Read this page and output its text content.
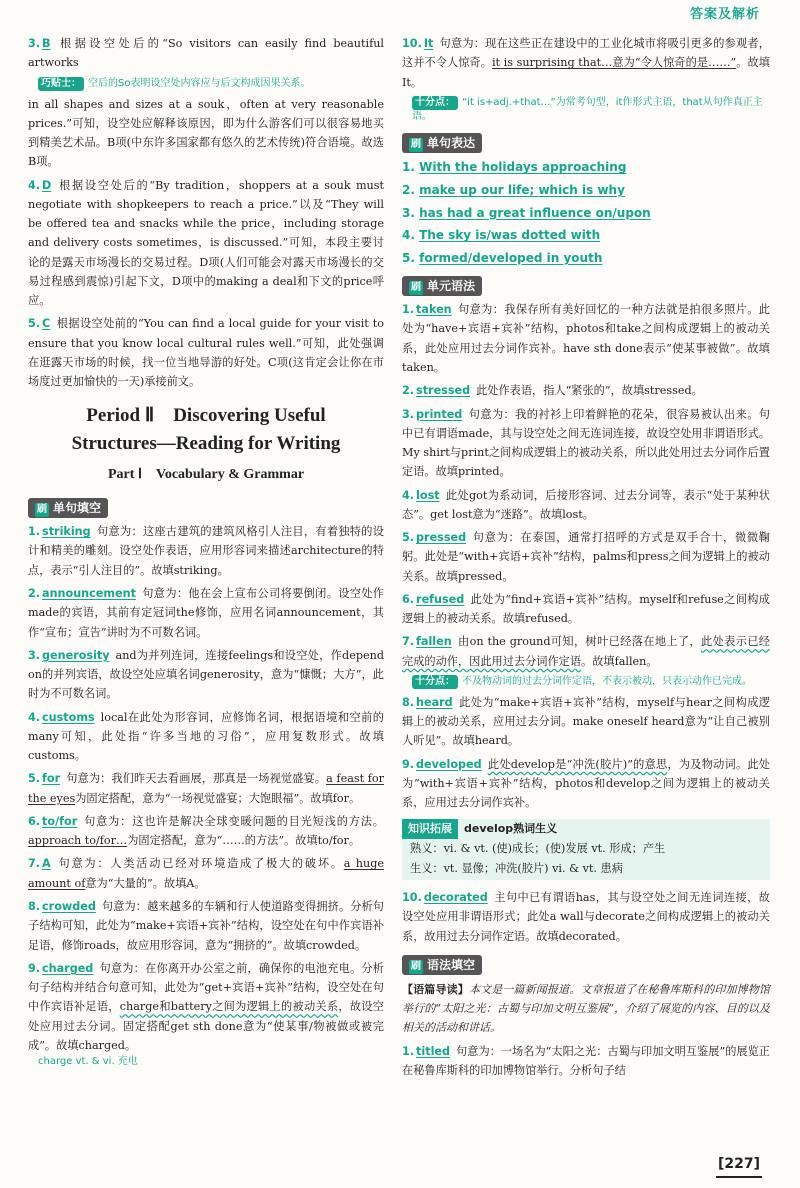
答案及解析
3. B 根据设空处后的“So visitors can easily find beautiful artworks
巧贴士： 空后的So表明设空处内容应与后文构成因果关系。
in all shapes and sizes at a souk，often at very reasonable prices.”可知，设空处应解释该原因，即为什么游客们可以很容易地买到精美艺术品。B项(中东许多国家都有悠久的艺术传统)符合语境。故选B项。
4. D 根据设空处后的“By tradition，shoppers at a souk must negotiate with shopkeepers to reach a price.”以及“They will be offered tea and snacks while the price，including storage and delivery costs sometimes，is discussed.”可知，本段主要讨论的是露天市场漫长的交易过程。D项(人们可能会对露天市场漫长的交易过程感到震惊)引起下文，D项中的making a deal和下文的price呼应。
5. C 根据设空处前的“You can find a local guide for your visit to ensure that you know local cultural rules well.”可知，此处强调在逛露天市场的时候，找一位当地导游的好处。C项(这肯定会让你在市场度过更加愉快的一天)承接前文。
Period Ⅱ　Discovering Useful
Structures—Reading for Writing
Part Ⅰ　Vocabulary & Grammar
刷 单句填空
1. striking 句意为：这座古建筑的建筑风格引人注目，有着独特的设计和精美的雕刻。设空处作表语，应用形容词来描述architecture的特点，表示“引人注目的”。故填striking。
2. announcement 句意为：他在会上宣布公司将要倒闭。设空处作made的宾语，其前有定冠词the修饰，应用名词announcement，其作“宣布；宣告”讲时为不可数名词。
3. generosity and为并列连词，连接feelings和设空处，作depend on的并列宾语，故设空处应填名词generosity，意为“慷慨；大方”，此时为不可数名词。
4. customs local在此处为形容词，应修饰名词，根据语境和空前的many可知，此处指“许多当地的习俗”，应用复数形式。故填customs。
5. for 句意为：我们昨天去看画展，那真是一场视觉盛宴。a feast for the eyes为固定搭配，意为“一场视觉盛宴；大饱眼福”。故填for。
6. to/for 句意为：这也许是解决全球变暖问题的目光短浅的方法。approach to/for…为固定搭配，意为“……的方法”。故填to/for。
7. A 句意为：人类活动已经对环境造成了极大的破坏。a huge amount of意为“大量的”。故填A。
8. crowded 句意为：越来越多的车辆和行人使道路变得拥挤。分析句子结构可知，此处为“make+宾语+宾补”结构，设空处在句中作宾语补足语，修饰roads，故应用形容词，意为“拥挤的”。故填crowded。
9. charged 句意为：在你离开办公室之前，确保你的电池充电。分析句子结构并结合句意可知，此处为“get+宾语+宾补”结构，设空处在句中作宾语补足语，charge和battery之间为逻辑上的被动关系，故设空处应用过去分词。固定搭配get sth done意为“使某事/物被做或被完成”。故填charged。
charge vt. & vi. 充电
10. It 句意为：现在这些正在建设中的工业化城市将吸引更多的参观者，这并不令人惊奇。it is surprising that…意为“令人惊奇的是……”。故填It。
十分点： “it is+adj.+that…”为常考句型，it作形式主语，that从句作真正主语。
刷 单句表达
1. With the holidays approaching
2. make up our life; which is why
3. has had a great influence on/upon
4. The sky is/was dotted with
5. formed/developed in youth
刷 单元语法
1. taken 句意为：我保存所有美好回忆的一种方法就是拍很多照片。此处为“have+宾语+宾补”结构，photos和take之间构成逻辑上的被动关系，此处应用过去分词作宾补。have sth done表示“使某事被做”。故填taken。
2. stressed 此处作表语，指人“紧张的”，故填stressed。
3. printed 句意为：我的衬衫上印着鲜艳的花朵，很容易被认出来。句中已有谓语made，其与设空处之间无连词连接，故设空处用非谓语形式。My shirt与print之间构成逻辑上的被动关系，所以此处用过去分词作后置定语。故填printed。
4. lost 此处got为系动词，后接形容词、过去分词等，表示“处于某种状态”。get lost意为“迷路”。故填lost。
5. pressed 句意为：在泰国，通常打招呼的方式是双手合十，微微鞠躬。此处是“with+宾语+宾补”结构，palms和press之间为逻辑上的被动关系。故填pressed。
6. refused 此处为“find+宾语+宾补”结构。myself和refuse之间构成逻辑上的被动关系。故填refused。
7. fallen 由on the ground可知，树叶已经落在地上了，此处表示已经完成的动作，因此用过去分词作定语。故填fallen。
十分点： 不及物动词的过去分词作定语，不表示被动，只表示动作已完成。
8. heard 此处为“make+宾语+宾补”结构，myself与hear之间构成逻辑上的被动关系，应用过去分词。make oneself heard意为“让自己被别人听见”。故填heard。
9. developed 此处develop是“冲洗(胶片)”的意思，为及物动词。此处为“with+宾语+宾补”结构，photos和develop之间为逻辑上的被动关系，应用过去分词作宾补。
知识拓展 develop熟词生义
熟义：vi. & vt. (使)成长；(使)发展 vt. 形成；产生
生义：vt. 显像；冲洗(胶片) vi. & vt. 患病
10. decorated 主句中已有谓语has，其与设空处之间无连词连接，故设空处应用非谓语形式；此处a wall与decorate之间构成逻辑上的被动关系，故用过去分词作定语。故填decorated。
刷 语法填空
【语篇导读】本文是一篇新闻报道。文章报道了在秘鲁库斯科的印加博物馆举行的“太阳之光：古蜀与印加文明互鉴展”，介绍了展览的内容、目的以及相关的活动和讲话。
1. titled 句意为：一场名为“太阳之光：古蜀与印加文明互鉴展”的展览正在秘鲁库斯科的印加博物馆举行。分析句子结
[227]
